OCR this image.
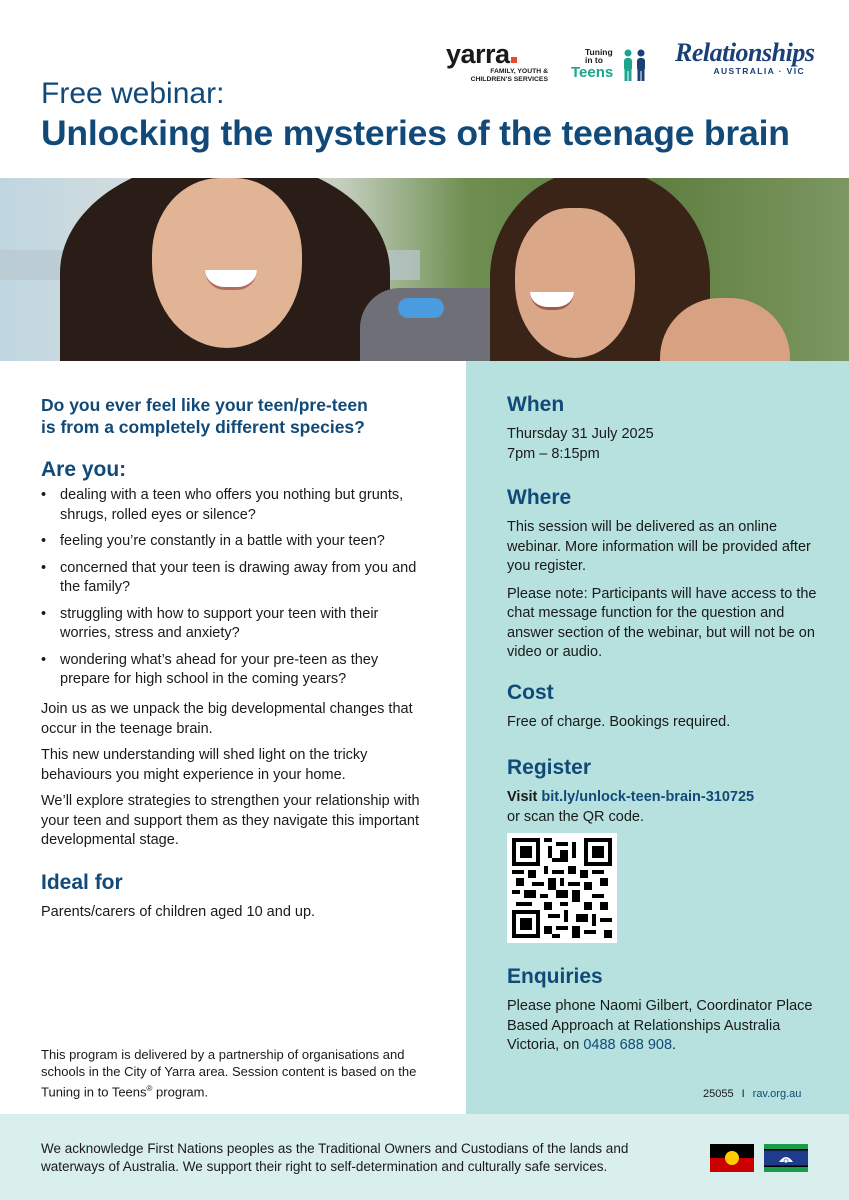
yarra
FAMILY, YOUTH &
CHILDREN'S SERVICES
Tuning
in to
Teens
Relationships
AUSTRALIA · VIC
Free webinar:
Unlocking the mysteries of the teenage brain
Do you ever feel like your teen/pre-teen
is from a completely different species?
Are you:
• dealing with a teen who offers you nothing but grunts, shrugs, rolled eyes or silence?
• feeling you’re constantly in a battle with your teen?
• concerned that your teen is drawing away from you and the family?
• struggling with how to support your teen with their worries, stress and anxiety?
• wondering what’s ahead for your pre-teen as they prepare for high school in the coming years?

Join us as we unpack the big developmental changes that occur in the teenage brain.

This new understanding will shed light on the tricky behaviours you might experience in your home.

We’ll explore strategies to strengthen your relationship with your teen and support them as they navigate this important developmental stage.

Ideal for

Parents/carers of children aged 10 and up.

This program is delivered by a partnership of organisations and schools in the City of Yarra area. Session content is based on the Tuning in to Teens® program.
When

Thursday 31 July 2025

7pm – 8:15pm

Where

This session will be delivered as an online webinar. More information will be provided after you register.

Please note: Participants will have access to the chat message function for the question and answer section of the webinar, but will not be on video or audio.

Cost

Free of charge. Bookings required.

Register

Visit bit.ly/unlock-teen-brain-310725

or scan the QR code.

Enquiries

Please phone Naomi Gilbert, Coordinator Place Based Approach at Relationships Australia Victoria, on 0488 688 908.

25055 I rav.org.au

We acknowledge First Nations peoples as the Traditional Owners and Custodians of the lands and waterways of Australia. We support their right to self-determination and culturally safe services.
